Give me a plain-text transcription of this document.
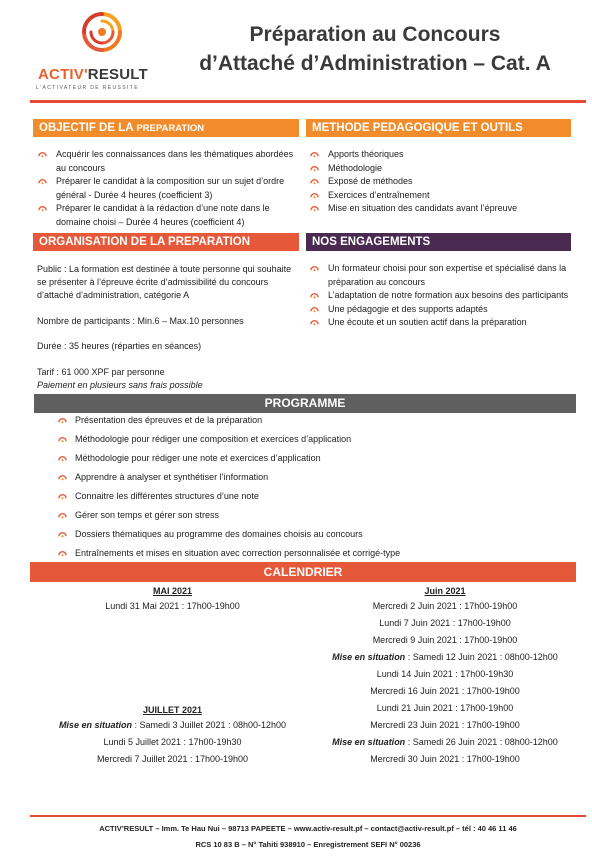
ACTIV'RESULT
L'ACTIVATEUR DE RÉUSSITE
Préparation au Concours
d’Attaché d’Administration – Cat. A
OBJECTIF DE LA PREPARATION
Acquérir les connaissances dans les thématiques abordées au concours
Préparer le candidat à la composition sur un sujet d’ordre général - Durée 4 heures (coefficient 3)
Préparer le candidat à la rédaction d’une note dans le domaine choisi – Durée 4 heures (coefficient 4)
METHODE PEDAGOGIQUE ET OUTILS
Apports théoriques
Méthodologie
Exposé de méthodes
Exercices d’entraînement
Mise en situation des candidats avant l’épreuve
ORGANISATION DE LA PREPARATION
Public : La formation est destinée à toute personne qui souhaite se présenter à l’épreuve écrite d’admissibilité du concours d’attaché d’administration, catégorie A
Nombre de participants : Min.6 – Max.10 personnes
Durée : 35 heures (réparties en séances)
Tarif : 61 000 XPF par personne
Paiement en plusieurs sans frais possible
NOS ENGAGEMENTS
Un formateur choisi pour son expertise et spécialisé dans la préparation au concours
L’adaptation de notre formation aux besoins des participants
Une pédagogie et des supports adaptés
Une écoute et un soutien actif dans la préparation
PROGRAMME
Présentation des épreuves et de la préparation
Méthodologie pour rédiger une composition et exercices d’application
Méthodologie pour rédiger une note et exercices d’application
Apprendre à analyser et synthétiser l’information
Connaitre les différentes structures d’une note
Gérer son temps et gérer son stress
Dossiers thématiques au programme des domaines choisis au concours
Entraînements et mises en situation avec correction personnalisée et corrigé-type
CALENDRIER
MAI 2021
Lundi 31 Mai 2021 : 17h00-19h00
JUILLET 2021
Mise en situation : Samedi 3 Juillet 2021 : 08h00-12h00
Lundi 5 Juillet 2021 : 17h00-19h30
Mercredi 7 Juillet 2021 : 17h00-19h00
Juin 2021
Mercredi 2 Juin 2021 : 17h00-19h00
Lundi 7 Juin 2021 : 17h00-19h00
Mercredi 9 Juin 2021 : 17h00-19h00
Mise en situation : Samedi 12 Juin 2021 : 08h00-12h00
Lundi 14 Juin 2021 : 17h00-19h30
Mercredi 16 Juin 2021 : 17h00-19h00
Lundi 21 Juin 2021 : 17h00-19h00
Mercredi 23 Juin 2021 : 17h00-19h00
Mise en situation : Samedi 26 Juin 2021 : 08h00-12h00
Mercredi 30 Juin 2021 : 17h00-19h00
ACTIV’RESULT – Imm. Te Hau Nui – 98713 PAPEETE – www.activ-result.pf – contact@activ-result.pf – tél : 40 46 11 46
RCS 10 83 B – N° Tahiti 938910 – Enregistrement SEFI N° 00236
